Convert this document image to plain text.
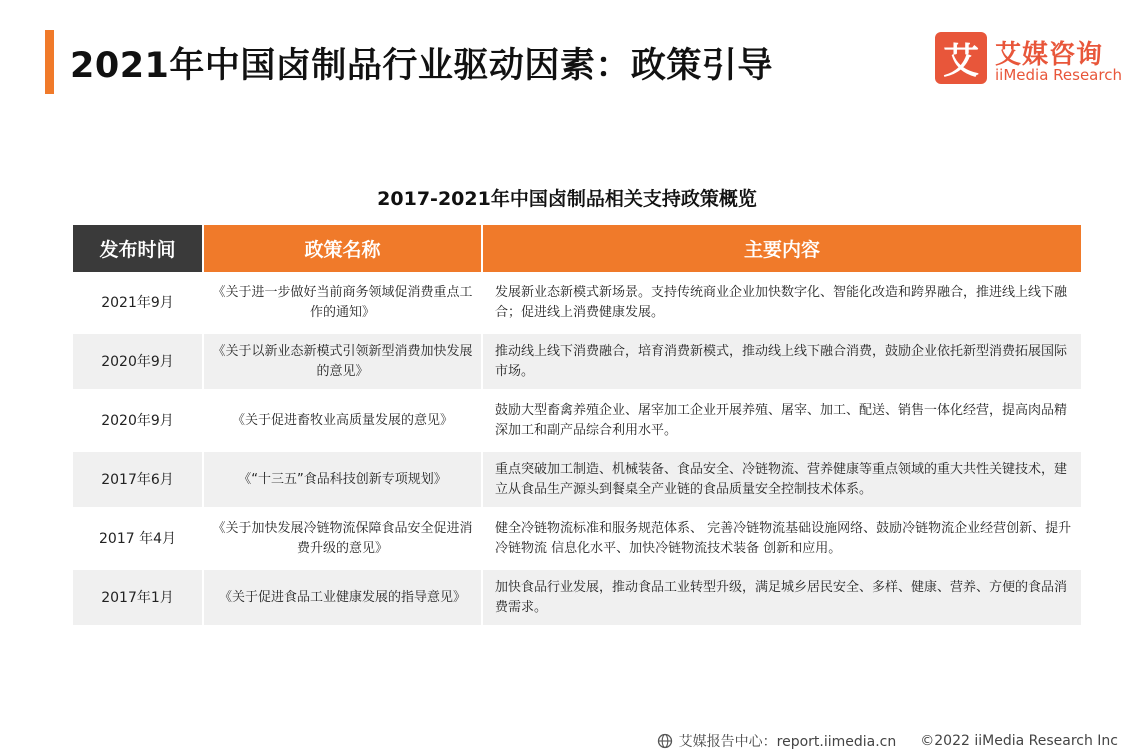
2021年中国卤制品行业驱动因素：政策引导	艾 艾媒咨询
iiMedia Research
2017-2021年中国卤制品相关支持政策概览
发布时间	政策名称	主要内容
2021年9月	《关于进一步做好当前商务领域促消费重点工作的通知》	发展新业态新模式新场景。支持传统商业企业加快数字化、智能化改造和跨界融合，推进线上线下融合；促进线上消费健康发展。
2020年9月	《关于以新业态新模式引领新型消费加快发展的意见》	推动线上线下消费融合，培育消费新模式，推动线上线下融合消费，鼓励企业依托新型消费拓展国际市场。
2020年9月	《关于促进畜牧业高质量发展的意见》	鼓励大型畜禽养殖企业、屠宰加工企业开展养殖、屠宰、加工、配送、销售一体化经营，提高肉品精深加工和副产品综合利用水平。
2017年6月	《“十三五”食品科技创新专项规划》	重点突破加工制造、机械装备、食品安全、冷链物流、营养健康等重点领域的重大共性关键技术，建立从食品生产源头到餐桌全产业链的食品质量安全控制技术体系。
2017 年4月	《关于加快发展冷链物流保障食品安全促进消费升级的意见》	健全冷链物流标准和服务规范体系、 完善冷链物流基础设施网络、鼓励冷链物流企业经营创新、提升冷链物流 信息化水平、加快冷链物流技术装备 创新和应用。
2017年1月	《关于促进食品工业健康发展的指导意见》	加快食品行业发展，推动食品工业转型升级，满足城乡居民安全、多样、健康、营养、方便的食品消费需求。
艾媒报告中心：report.iimedia.cn ©2022 iiMedia Research Inc
